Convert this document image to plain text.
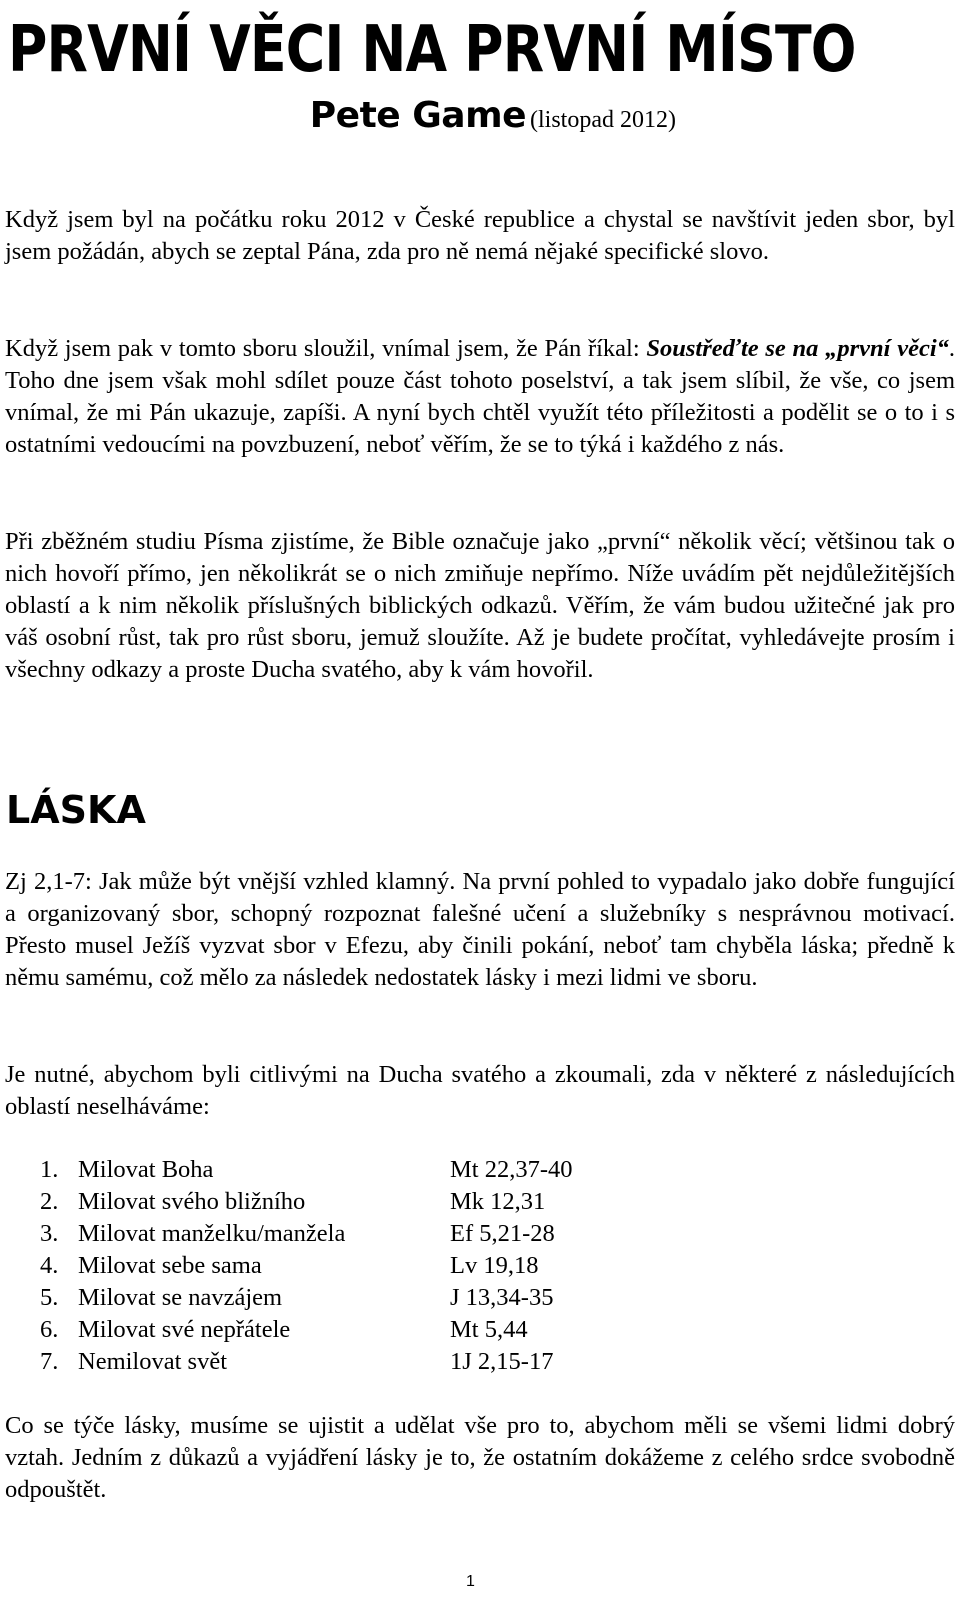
PRVNÍ VĚCI NA PRVNÍ MÍSTO
Pete Game (listopad 2012)

Když jsem byl na počátku roku 2012 v České republice a chystal se navštívit jeden sbor, byl jsem požádán, abych se zeptal Pána, zda pro ně nemá nějaké specifické slovo.

Když jsem pak v tomto sboru sloužil, vnímal jsem, že Pán říkal: Soustřeďte se na „první věci“. Toho dne jsem však mohl sdílet pouze část tohoto poselství, a tak jsem slíbil, že vše, co jsem vnímal, že mi Pán ukazuje, zapíši. A nyní bych chtěl využít této příležitosti a podělit se o to i s ostatními vedoucími na povzbuzení, neboť věřím, že se to týká i každého z nás.

Při zběžném studiu Písma zjistíme, že Bible označuje jako „první“ několik věcí; většinou tak o nich hovoří přímo, jen několikrát se o nich zmiňuje nepřímo. Níže uvádím pět nejdůležitějších oblastí a k nim několik příslušných biblických odkazů. Věřím, že vám budou užitečné jak pro váš osobní růst, tak pro růst sboru, jemuž sloužíte. Až je budete pročítat, vyhledávejte prosím i všechny odkazy a proste Ducha svatého, aby k vám hovořil.

LÁSKA

Zj 2,1-7: Jak může být vnější vzhled klamný. Na první pohled to vypadalo jako dobře fungující a organizovaný sbor, schopný rozpoznat falešné učení a služebníky s nesprávnou motivací. Přesto musel Ježíš vyzvat sbor v Efezu, aby činili pokání, neboť tam chyběla láska; předně k němu samému, což mělo za následek nedostatek lásky i mezi lidmi ve sboru.

Je nutné, abychom byli citlivými na Ducha svatého a zkoumali, zda v některé z následujících oblastí neselháváme:

1. Milovat Boha	Mt 22,37-40
2. Milovat svého bližního	Mk 12,31
3. Milovat manželku/manžela	Ef 5,21-28
4. Milovat sebe sama	Lv 19,18
5. Milovat se navzájem	J 13,34-35
6. Milovat své nepřátele	Mt 5,44
7. Nemilovat svět	1J 2,15-17

Co se týče lásky, musíme se ujistit a udělat vše pro to, abychom měli se všemi lidmi dobrý vztah. Jedním z důkazů a vyjádření lásky je to, že ostatním dokážeme z celého srdce svobodně odpouštět.

1
